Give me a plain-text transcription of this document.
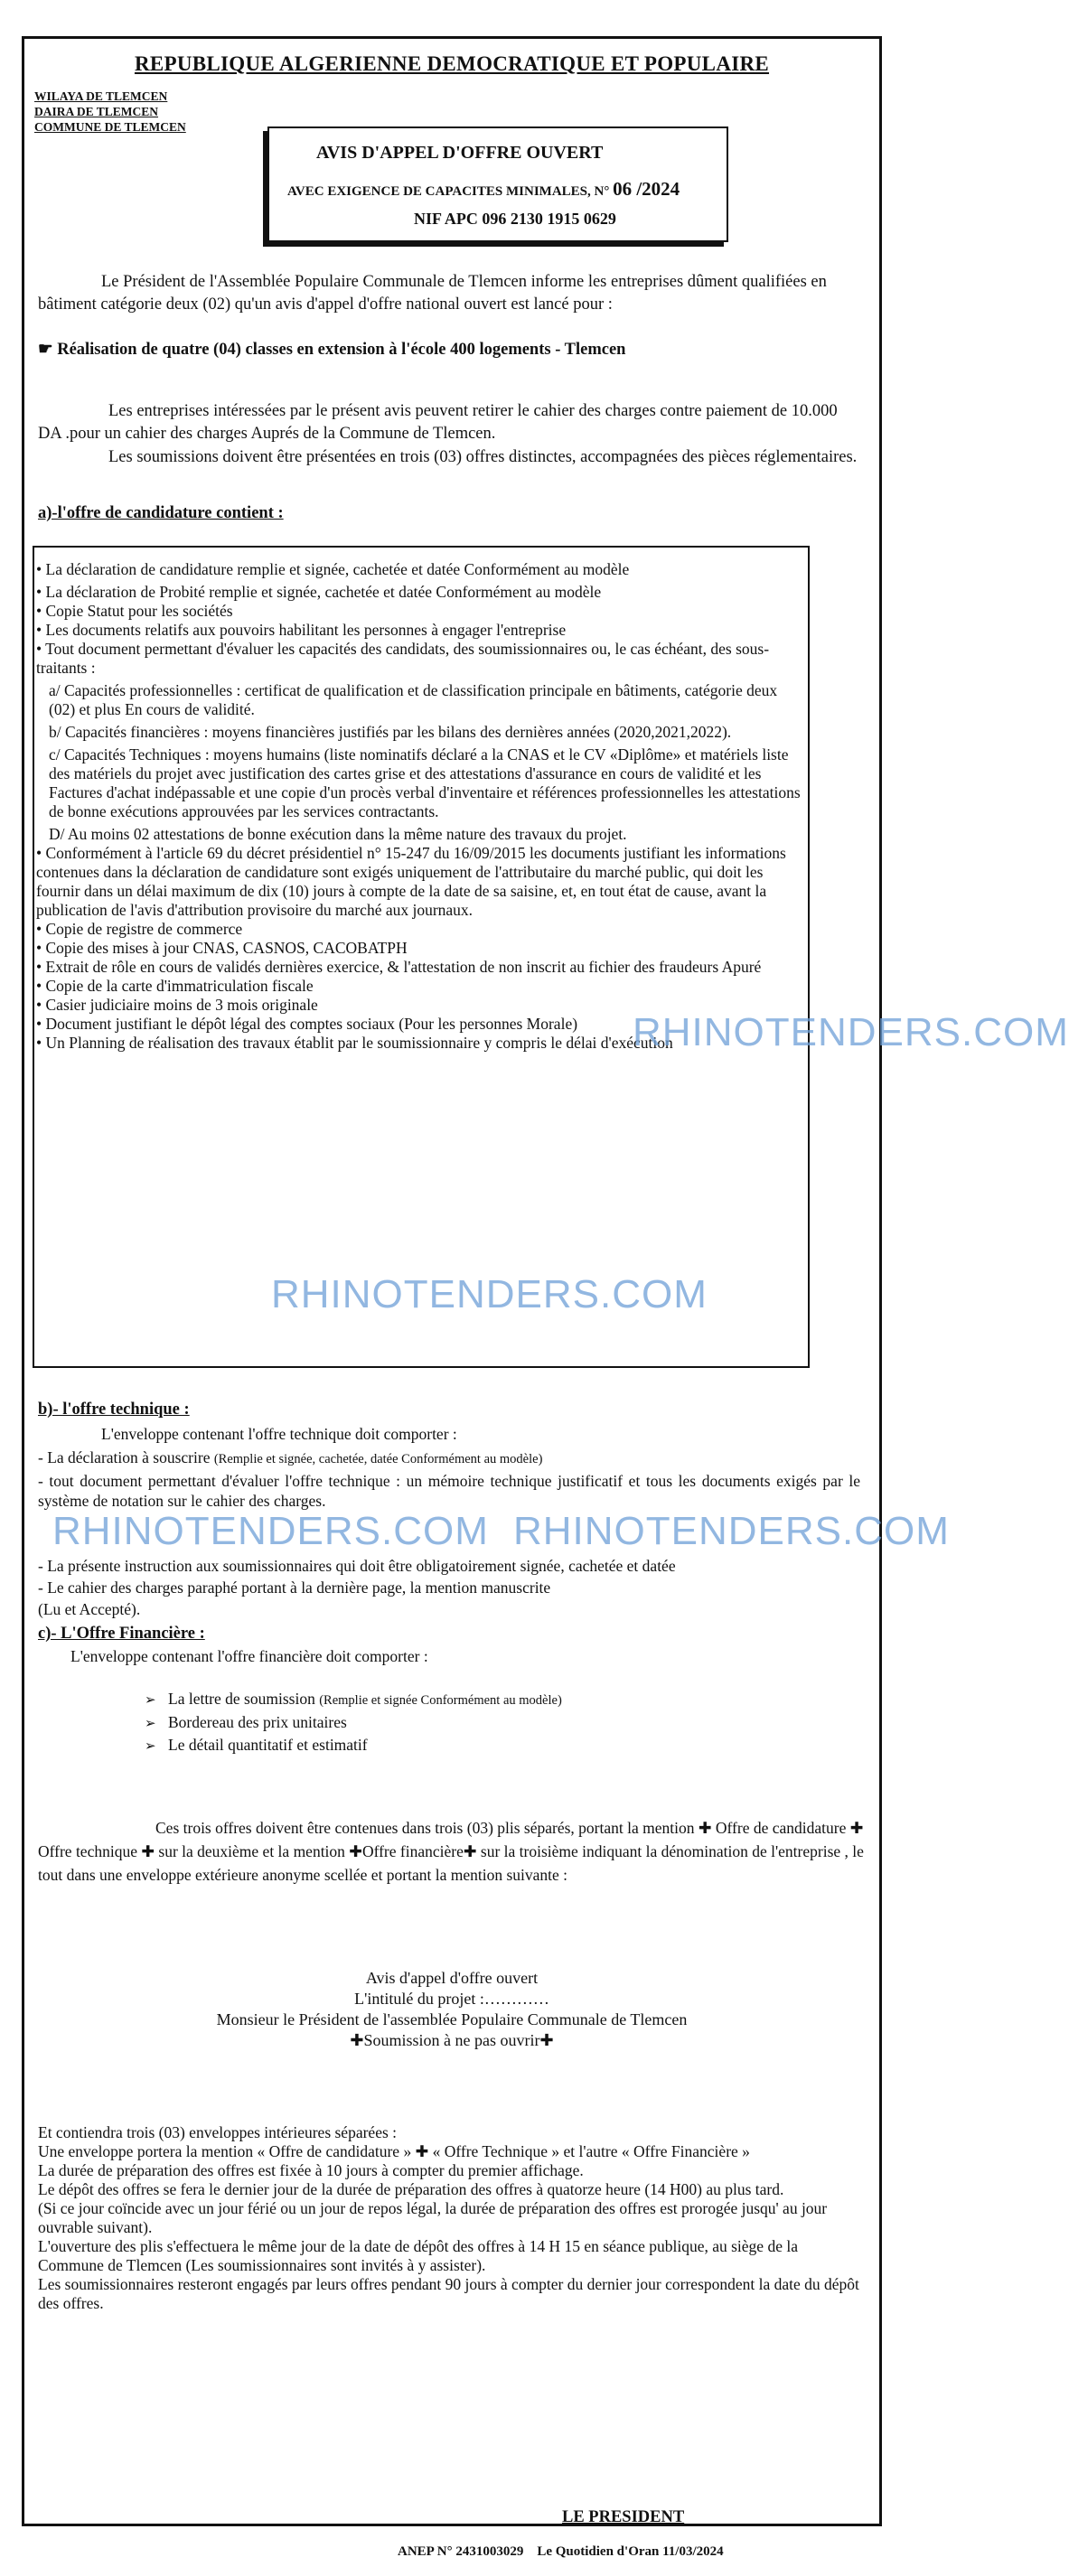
REPUBLIQUE ALGERIENNE DEMOCRATIQUE ET POPULAIRE
WILAYA DE TLEMCEN
DAIRA DE TLEMCEN
COMMUNE DE TLEMCEN
AVIS D'APPEL D'OFFRE OUVERT
AVEC EXIGENCE DE CAPACITES MINIMALES, N° 06 /2024
NIF APC 096 2130 1915 0629
Le Président de l'Assemblée Populaire Communale de Tlemcen informe les entreprises dûment qualifiées en bâtiment catégorie deux (02) qu'un avis d'appel d'offre national ouvert est lancé pour :
☛ Réalisation de quatre (04) classes en extension à l'école 400 logements - Tlemcen
Les entreprises intéressées par le présent avis peuvent retirer le cahier des charges contre paiement de 10.000 DA .pour un cahier des charges Auprés de la Commune de Tlemcen.
Les soumissions doivent être présentées en trois (03) offres distinctes, accompagnées des pièces réglementaires.
a)-l'offre de candidature contient :
• La déclaration de candidature remplie et signée, cachetée et datée Conformément au modèle
• La déclaration de Probité remplie et signée, cachetée et datée Conformément au modèle
• Copie Statut pour les sociétés
• Les documents relatifs aux pouvoirs habilitant les personnes à engager l'entreprise
• Tout document permettant d'évaluer les capacités des candidats, des soumissionnaires ou, le cas échéant, des sous-traitants :
a/ Capacités professionnelles : certificat de qualification et de classification principale en bâtiments, catégorie deux (02) et plus En cours de validité.
b/ Capacités financières : moyens financières justifiés par les bilans des dernières années (2020,2021,2022).
c/ Capacités Techniques : moyens humains (liste nominatifs déclaré a la CNAS et le CV «Diplôme» et matériels liste des matériels du projet avec justification des cartes grise et des attestations d'assurance en cours de validité et les Factures d'achat indépassable et une copie d'un procès verbal d'inventaire et références professionnelles les attestations de bonne exécutions approuvées par les services contractants.
D/ Au moins 02 attestations de bonne exécution dans la même nature des travaux du projet.
• Conformément à l'article 69 du décret présidentiel n° 15-247 du 16/09/2015 les documents justifiant les informations contenues dans la déclaration de candidature sont exigés uniquement de l'attributaire du marché public, qui doit les fournir dans un délai maximum de dix (10) jours à compte de la date de sa saisine, et, en tout état de cause, avant la publication de l'avis d'attribution provisoire du marché aux journaux.
• Copie de registre de commerce
• Copie des mises à jour CNAS, CASNOS, CACOBATPH
• Extrait de rôle en cours de validés dernières exercice, & l'attestation de non inscrit au fichier des fraudeurs Apuré
• Copie de la carte d'immatriculation fiscale
• Casier judiciaire moins de 3 mois originale
• Document justifiant le dépôt légal des comptes sociaux (Pour les personnes Morale)
• Un Planning de réalisation des travaux établit par le soumissionnaire y compris le délai d'exécution
RHINOTENDERS.COM
RHINOTENDERS.COM
RHINOTENDERS.COM RHINOTENDERS.COM
b)- l'offre technique :
L'enveloppe contenant l'offre technique doit comporter :
- La déclaration à souscrire (Remplie et signée, cachetée, datée Conformément au modèle)
- tout document permettant d'évaluer l'offre technique : un mémoire technique justificatif et tous les documents exigés par le système de notation sur le cahier des charges.
- La présente instruction aux soumissionnaires qui doit être obligatoirement signée, cachetée et datée
- Le cahier des charges paraphé portant à la dernière page, la mention manuscrite
(Lu et Accepté).
c)- L'Offre Financière :
L'enveloppe contenant l'offre financière doit comporter :
➢ La lettre de soumission (Remplie et signée Conformément au modèle)
➢ Bordereau des prix unitaires
➢ Le détail quantitatif et estimatif
Ces trois offres doivent être contenues dans trois (03) plis séparés, portant la mention ✚ Offre de candidature ✚ Offre technique ✚ sur la deuxième et la mention ✚Offre financière✚ sur la troisième indiquant la dénomination de l'entreprise , le tout dans une enveloppe extérieure anonyme scellée et portant la mention suivante :
Avis d'appel d'offre ouvert
L'intitulé du projet :…………
Monsieur le Président de l'assemblée Populaire Communale de Tlemcen
✚Soumission à ne pas ouvrir✚
Et contiendra trois (03) enveloppes intérieures séparées :
Une enveloppe portera la mention « Offre de candidature » ✚ « Offre Technique » et l'autre « Offre Financière »
La durée de préparation des offres est fixée à 10 jours à compter du premier affichage.
Le dépôt des offres se fera le dernier jour de la durée de préparation des offres à quatorze heure (14 H00) au plus tard.
(Si ce jour coïncide avec un jour férié ou un jour de repos légal, la durée de préparation des offres est prorogée jusqu' au jour ouvrable suivant).
L'ouverture des plis s'effectuera le même jour de la date de dépôt des offres à 14 H 15 en séance publique, au siège de la Commune de Tlemcen (Les soumissionnaires sont invités à y assister).
Les soumissionnaires resteront engagés par leurs offres pendant 90 jours à compter du dernier jour correspondent la date du dépôt des offres.
LE PRESIDENT
ANEP N° 2431003029    Le Quotidien d'Oran 11/03/2024
